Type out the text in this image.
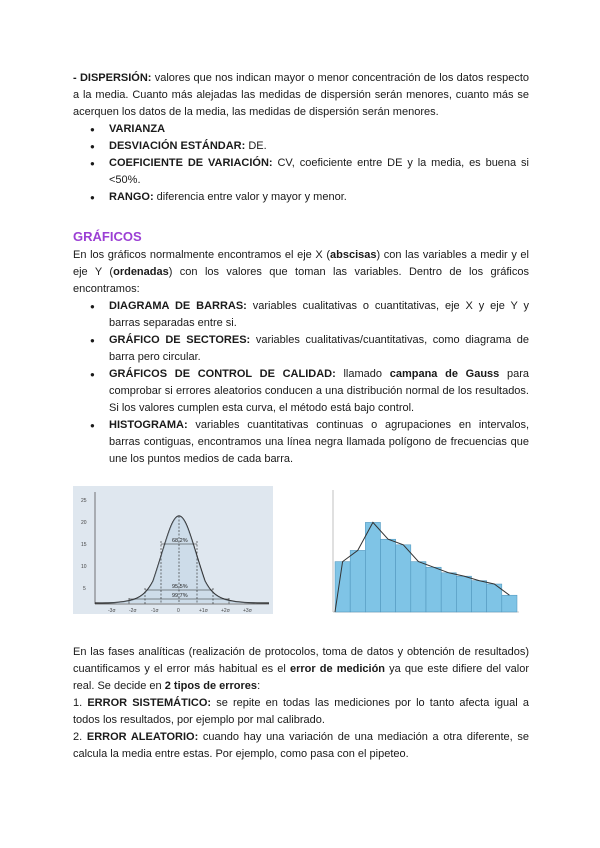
- DISPERSIÓN: valores que nos indican mayor o menor concentración de los datos respecto a la media. Cuanto más alejadas las medidas de dispersión serán menores, cuanto más se acerquen los datos de la media, las medidas de dispersión serán menores.

● VARIANZA
● DESVIACIÓN ESTÁNDAR: DE.
● COEFICIENTE DE VARIACIÓN: CV, coeficiente entre DE y la media, es buena si <50%.
● RANGO: diferencia entre valor y mayor y menor.
GRÁFICOS

En los gráficos normalmente encontramos el eje X (abscisas) con las variables a medir y el eje Y (ordenadas) con los valores que toman las variables. Dentro de los gráficos encontramos:

● DIAGRAMA DE BARRAS: variables cualitativas o cuantitativas, eje X y eje Y y barras separadas entre si.
● GRÁFICO DE SECTORES: variables cualitativas/cuantitativas, como diagrama de barra pero circular.
● GRÁFICOS DE CONTROL DE CALIDAD: llamado campana de Gauss para comprobar si errores aleatorios conducen a una distribución normal de los resultados. Si los valores cumplen esta curva, el método está bajo control.
● HISTOGRAMA: variables cuantitativas continuas o agrupaciones en intervalos, barras contiguas, encontramos una línea negra llamada polígono de frecuencias que une los puntos medios de cada barra.
25
20
15
10
5
-3σ	-2σ	-1σ	0	+1σ	+2σ	+3σ
68,2%
95,5%
99,7%

En las fases analíticas (realización de protocolos, toma de datos y obtención de resultados) cuantificamos y el error más habitual es el error de medición ya que este difiere del valor real. Se decide en 2 tipos de errores:

1. ERROR SISTEMÁTICO: se repite en todas las mediciones por lo tanto afecta igual a todos los resultados, por ejemplo por mal calibrado.

2. ERROR ALEATORIO: cuando hay una variación de una mediación a otra diferente, se calcula la media entre estas. Por ejemplo, como pasa con el pipeteo.
